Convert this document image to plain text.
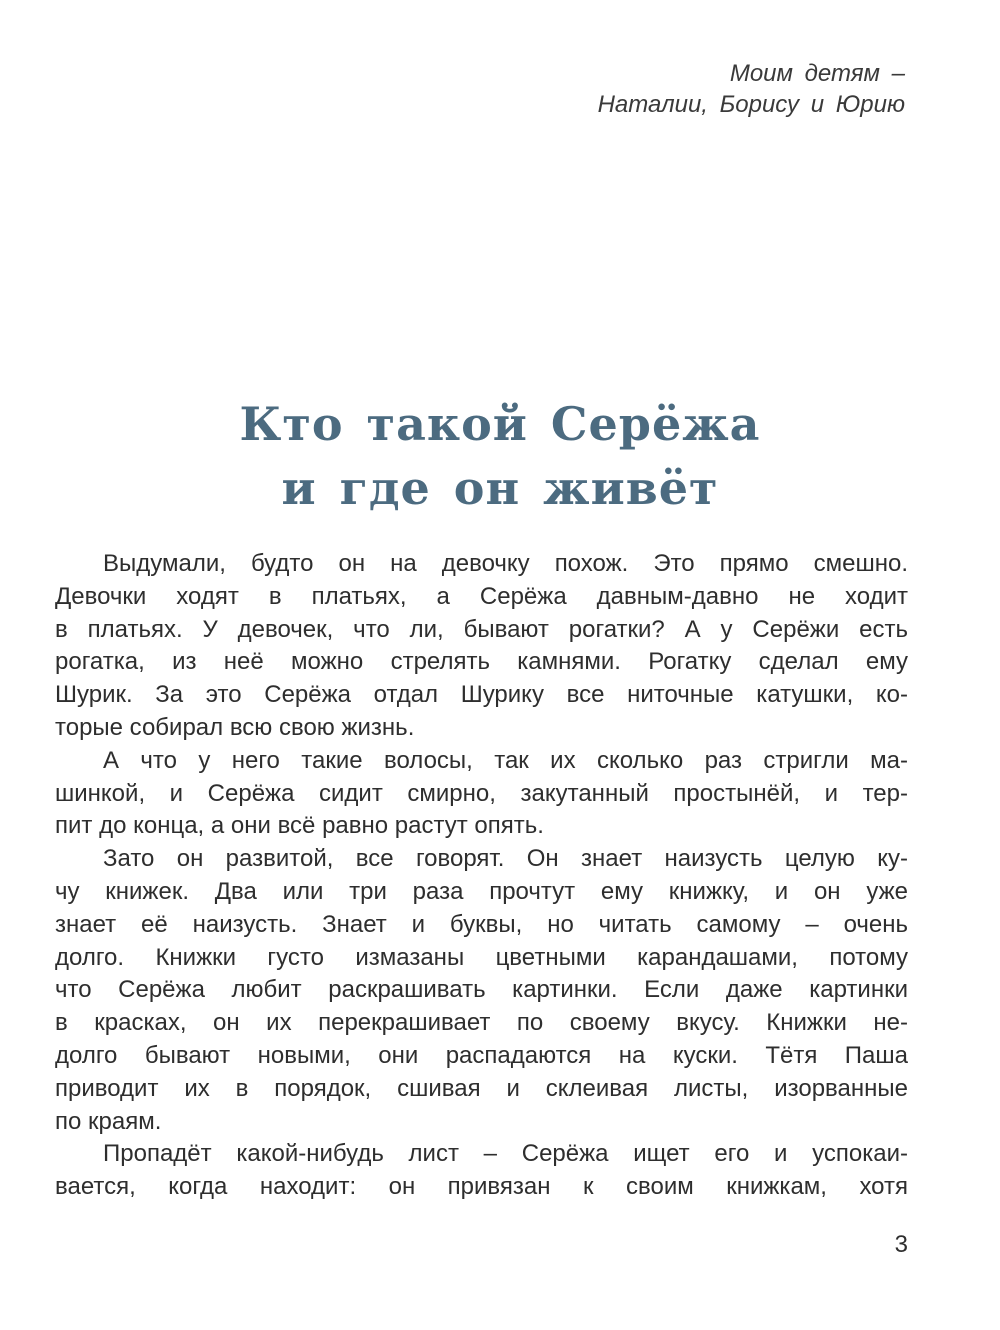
Моим детям –
Наталии, Борису и Юрию
Кто такой Серёжа
и где он живёт
Выдумали, будто он на девочку похож. Это прямо смешно.
Девочки ходят в платьях, а Серёжа давным-давно не ходит
в платьях. У девочек, что ли, бывают рогатки? А у Серёжи есть
рогатка, из неё можно стрелять камнями. Рогатку сделал ему
Шурик. За это Серёжа отдал Шурику все ниточные катушки, ко-
торые собирал всю свою жизнь.
А что у него такие волосы, так их сколько раз стригли ма-
шинкой, и Серёжа сидит смирно, закутанный простынёй, и тер-
пит до конца, а они всё равно растут опять.
Зато он развитой, все говорят. Он знает наизусть целую ку-
чу книжек. Два или три раза прочтут ему книжку, и он уже
знает её наизусть. Знает и буквы, но читать самому – очень
долго. Книжки густо измазаны цветными карандашами, потому
что Серёжа любит раскрашивать картинки. Если даже картинки
в красках, он их перекрашивает по своему вкусу. Книжки не-
долго бывают новыми, они распадаются на куски. Тётя Паша
приводит их в порядок, сшивая и склеивая листы, изорванные
по краям.
Пропадёт какой-нибудь лист – Серёжа ищет его и успокаи-
вается, когда находит: он привязан к своим книжкам, хотя
3
